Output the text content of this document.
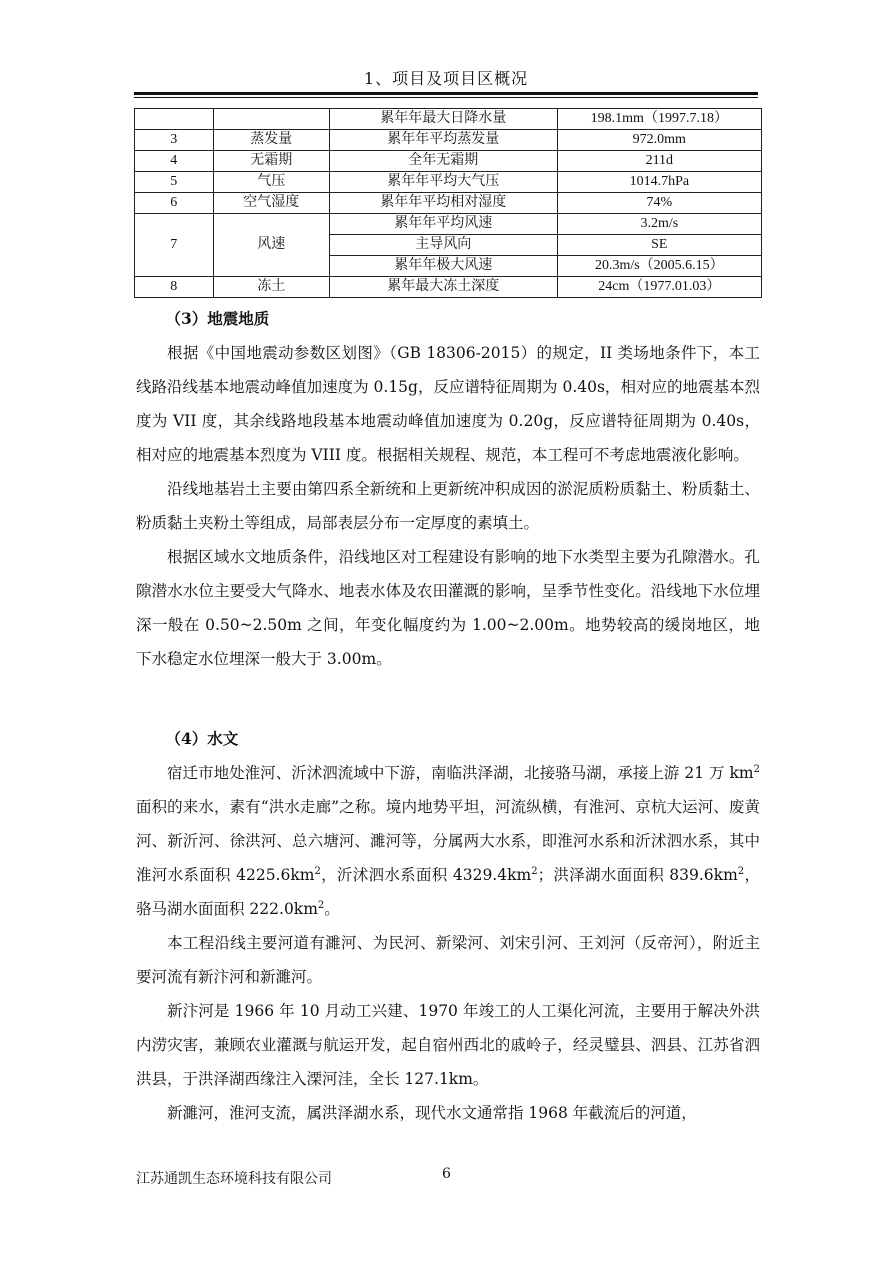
1、项目及项目区概况
		累年年最大日降水量	198.1mm（1997.7.18）
3	蒸发量	累年年平均蒸发量	972.0mm
4	无霜期	全年无霜期	211d
5	气压	累年年平均大气压	1014.7hPa
6	空气湿度	累年年平均相对湿度	74%
7	风速	累年年平均风速	3.2m/s
		主导风向	SE
		累年年极大风速	20.3m/s（2005.6.15）
8	冻土	累年最大冻土深度	24cm（1977.01.03）

（3）地震地质

根据《中国地震动参数区划图》（GB 18306-2015）的规定，II 类场地条件下，本工线路沿线基本地震动峰值加速度为 0.15g，反应谱特征周期为 0.40s，相对应的地震基本烈度为 VII 度，其余线路地段基本地震动峰值加速度为 0.20g，反应谱特征周期为 0.40s，相对应的地震基本烈度为 VIII 度。根据相关规程、规范，本工程可不考虑地震液化影响。

沿线地基岩土主要由第四系全新统和上更新统冲积成因的淤泥质粉质黏土、粉质黏土、粉质黏土夹粉土等组成，局部表层分布一定厚度的素填土。

根据区域水文地质条件，沿线地区对工程建设有影响的地下水类型主要为孔隙潜水。孔隙潜水水位主要受大气降水、地表水体及农田灌溉的影响，呈季节性变化。沿线地下水位埋深一般在 0.50~2.50m 之间，年变化幅度约为 1.00~2.00m。地势较高的缓岗地区，地下水稳定水位埋深一般大于 3.00m。

（4）水文

宿迁市地处淮河、沂沭泗流域中下游，南临洪泽湖，北接骆马湖，承接上游 21 万 $km^2$面积的来水，素有“洪水走廊”之称。境内地势平坦，河流纵横，有淮河、京杭大运河、废黄河、新沂河、徐洪河、总六塘河、濉河等，分属两大水系，即淮河水系和沂沭泗水系，其中淮河水系面积 $4225.6km^2$，沂沭泗水系面积 $4329.4km^2$；洪泽湖水面面积 $839.6km^2$，骆马湖水面面积 $222.0km^2$。

本工程沿线主要河道有濉河、为民河、新梁河、刘宋引河、王刘河（反帝河），附近主要河流有新汴河和新濉河。

新汴河是 1966 年 10 月动工兴建、1970 年竣工的人工渠化河流，主要用于解决外洪内涝灾害，兼顾农业灌溉与航运开发，起自宿州西北的戚岭子，经灵璧县、泗县、江苏省泗洪县，于洪泽湖西缘注入溧河洼，全长 127.1km。

新濉河，淮河支流，属洪泽湖水系，现代水文通常指 1968 年截流后的河道，

江苏通凯生态环境科技有限公司	6
